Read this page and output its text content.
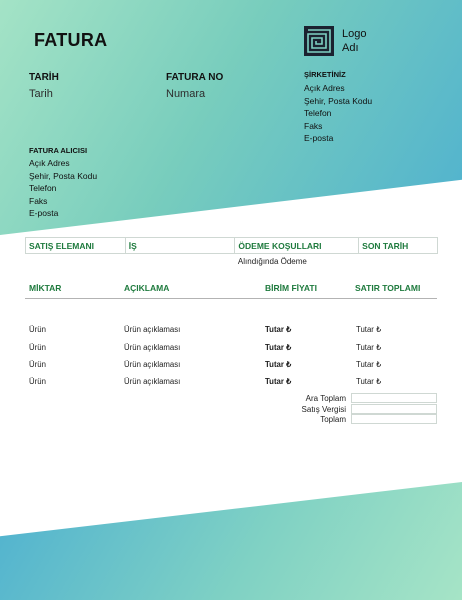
FATURA	Logo
Adı
TARİH
Tarih
FATURA NO
Numara
ŞİRKETİNİZ
Açık Adres
Şehir, Posta Kodu
Telefon
Faks
E-posta
FATURA ALICISI
Açık Adres
Şehir, Posta Kodu
Telefon
Faks
E-posta
SATIŞ ELEMANI	İŞ	ÖDEME KOŞULLARI	SON TARİH
		Alındığında Ödeme	
MİKTAR	AÇIKLAMA	BİRİM FİYATI	SATIR TOPLAMI
Ürün	Ürün açıklaması	Tutar ₺	Tutar ₺
Ürün	Ürün açıklaması	Tutar ₺	Tutar ₺
Ürün	Ürün açıklaması	Tutar ₺	Tutar ₺
Ürün	Ürün açıklaması	Tutar ₺	Tutar ₺
Ara Toplam
Satış Vergisi
Toplam
